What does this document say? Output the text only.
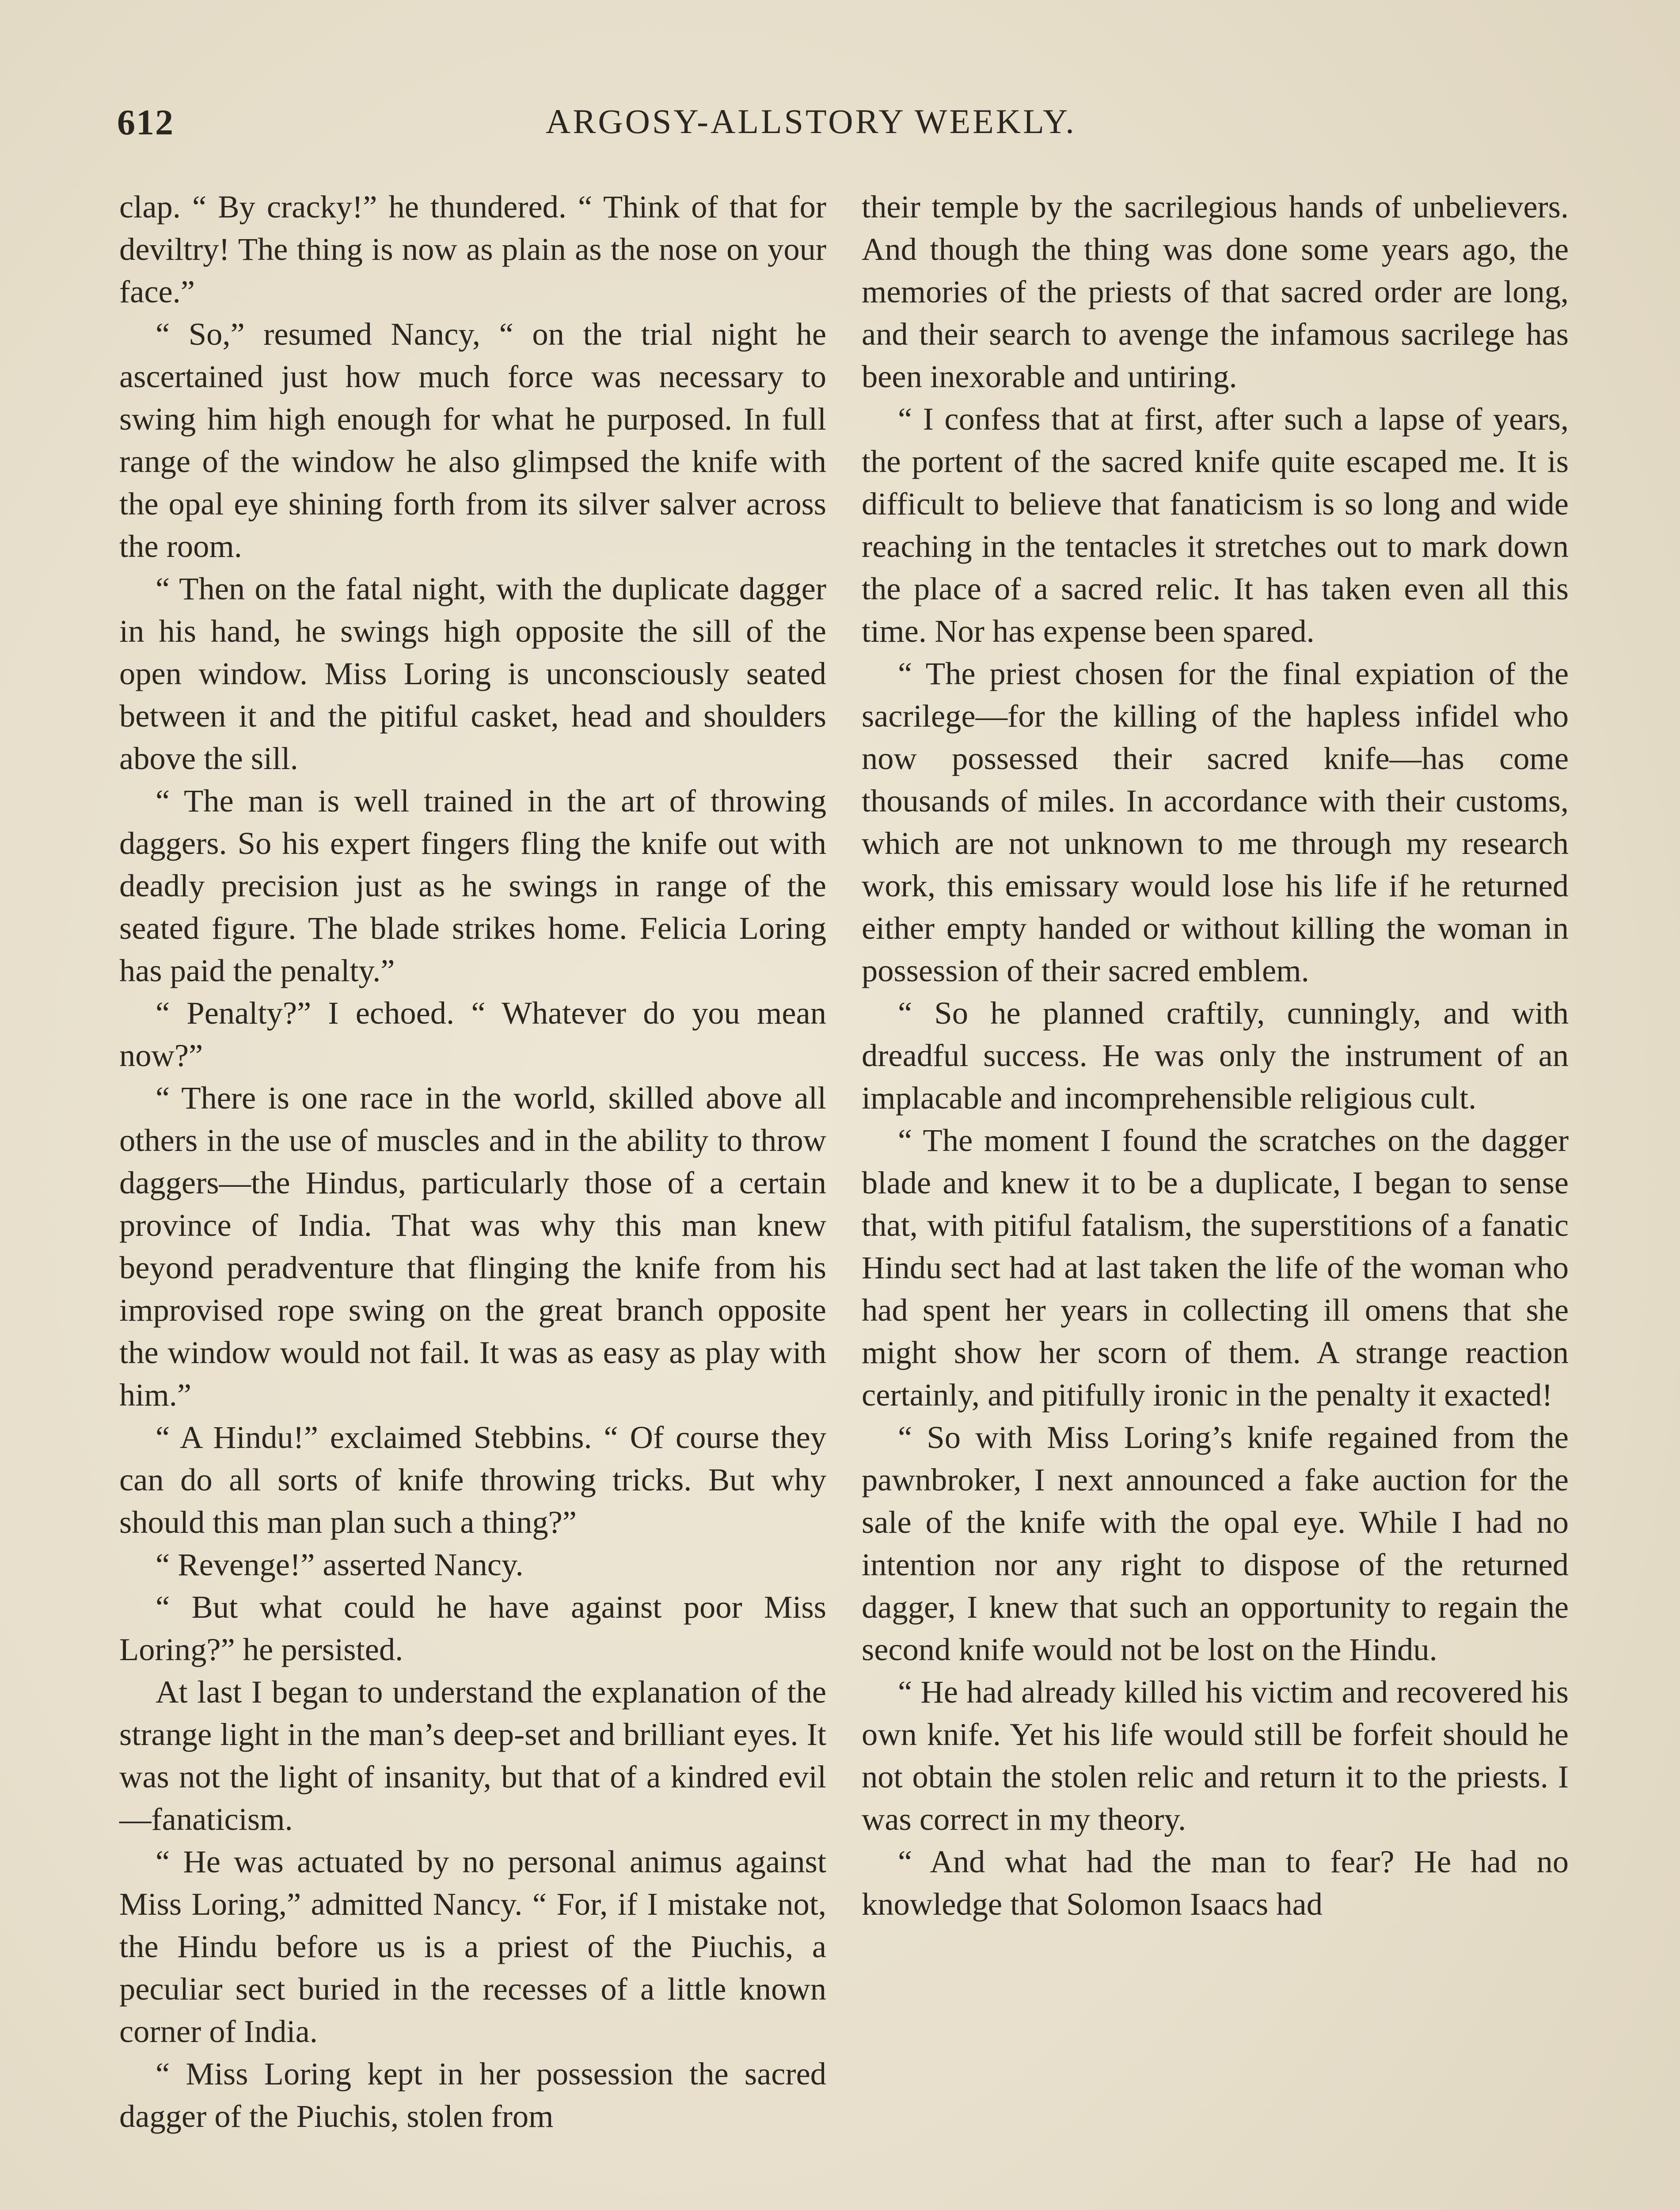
612	ARGOSY-ALLSTORY WEEKLY.

clap. “ By cracky!” he thundered. “ Think of that for deviltry! The thing is now as plain as the nose on your face.”

“ So,” resumed Nancy, “ on the trial night he ascertained just how much force was necessary to swing him high enough for what he purposed. In full range of the window he also glimpsed the knife with the opal eye shining forth from its silver salver across the room.

“ Then on the fatal night, with the duplicate dagger in his hand, he swings high opposite the sill of the open window. Miss Loring is unconsciously seated between it and the pitiful casket, head and shoulders above the sill.

“ The man is well trained in the art of throwing daggers. So his expert fingers fling the knife out with deadly precision just as he swings in range of the seated figure. The blade strikes home. Felicia Loring has paid the penalty.”

“ Penalty?” I echoed. “ Whatever do you mean now?”

“ There is one race in the world, skilled above all others in the use of muscles and in the ability to throw daggers—the Hindus, particularly those of a certain province of India. That was why this man knew beyond peradventure that flinging the knife from his improvised rope swing on the great branch opposite the window would not fail. It was as easy as play with him.”

“ A Hindu!” exclaimed Stebbins. “ Of course they can do all sorts of knife throwing tricks. But why should this man plan such a thing?”

“ Revenge!” asserted Nancy.

“ But what could he have against poor Miss Loring?” he persisted.

At last I began to understand the explanation of the strange light in the man’s deep-set and brilliant eyes. It was not the light of insanity, but that of a kindred evil —fanaticism.

“ He was actuated by no personal animus against Miss Loring,” admitted Nancy. “ For, if I mistake not, the Hindu before us is a priest of the Piuchis, a peculiar sect buried in the recesses of a little known corner of India.

“ Miss Loring kept in her possession the sacred dagger of the Piuchis, stolen from

their temple by the sacrilegious hands of unbelievers. And though the thing was done some years ago, the memories of the priests of that sacred order are long, and their search to avenge the infamous sacrilege has been inexorable and untiring.

“ I confess that at first, after such a lapse of years, the portent of the sacred knife quite escaped me. It is difficult to believe that fanaticism is so long and wide reaching in the tentacles it stretches out to mark down the place of a sacred relic. It has taken even all this time. Nor has expense been spared.

“ The priest chosen for the final expiation of the sacrilege—for the killing of the hapless infidel who now possessed their sacred knife—has come thousands of miles. In accordance with their customs, which are not unknown to me through my research work, this emissary would lose his life if he returned either empty handed or without killing the woman in possession of their sacred emblem.

“ So he planned craftily, cunningly, and with dreadful success. He was only the instrument of an implacable and incomprehensible religious cult.

“ The moment I found the scratches on the dagger blade and knew it to be a duplicate, I began to sense that, with pitiful fatalism, the superstitions of a fanatic Hindu sect had at last taken the life of the woman who had spent her years in collecting ill omens that she might show her scorn of them. A strange reaction certainly, and pitifully ironic in the penalty it exacted!

“ So with Miss Loring’s knife regained from the pawnbroker, I next announced a fake auction for the sale of the knife with the opal eye. While I had no intention nor any right to dispose of the returned dagger, I knew that such an opportunity to regain the second knife would not be lost on the Hindu.

“ He had already killed his victim and recovered his own knife. Yet his life would still be forfeit should he not obtain the stolen relic and return it to the priests. I was correct in my theory.

“ And what had the man to fear? He had no knowledge that Solomon Isaacs had
